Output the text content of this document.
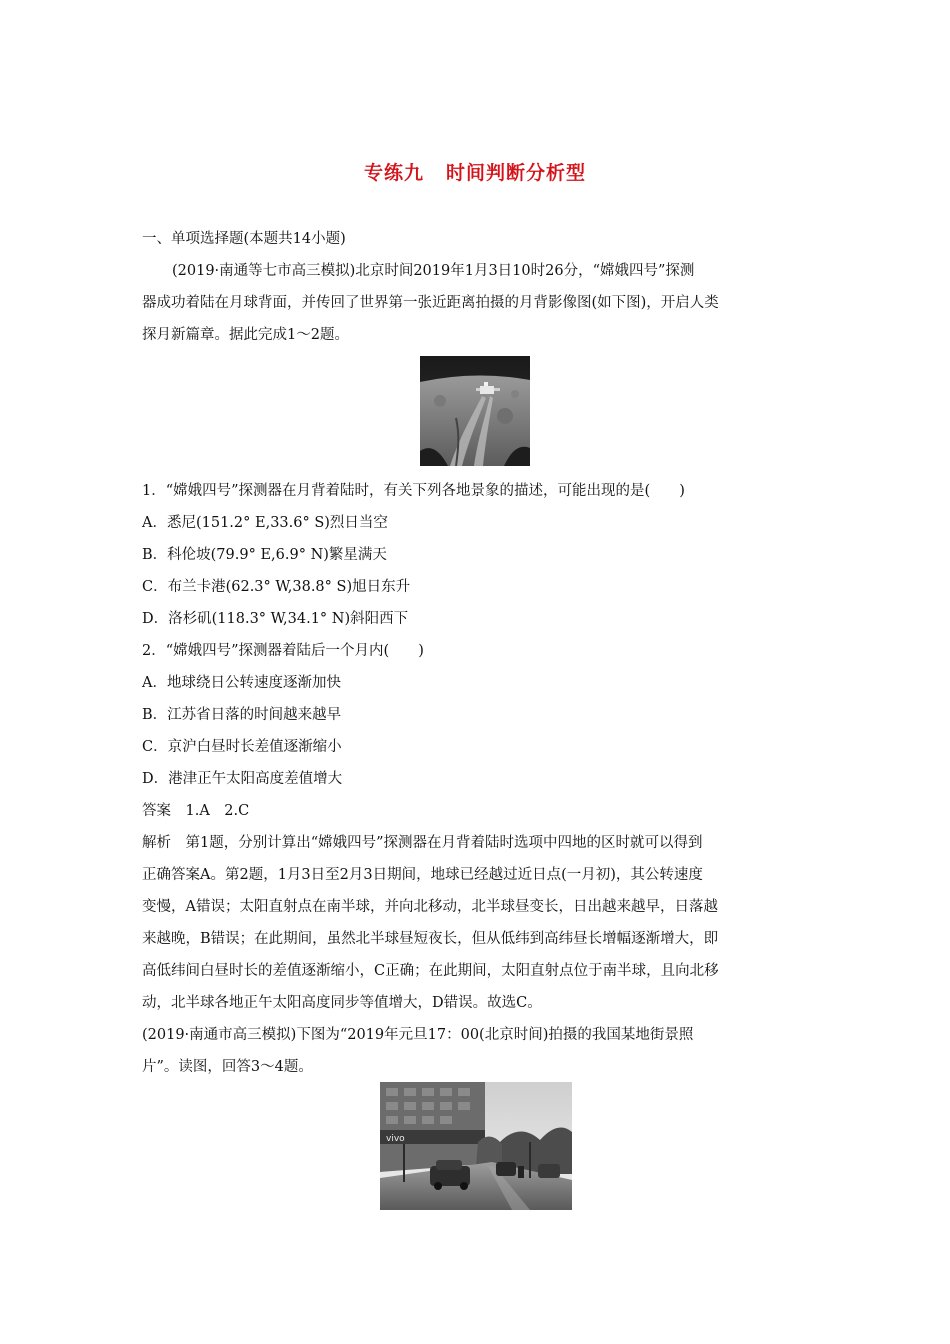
专练九 时间判断分析型
一、单项选择题(本题共14小题)
(2019·南通等七市高三模拟)北京时间2019年1月3日10时26分，“嫦娥四号”探测
器成功着陆在月球背面，并传回了世界第一张近距离拍摄的月背影像图(如下图)，开启人类
探月新篇章。据此完成1～2题。
1．“嫦娥四号”探测器在月背着陆时，有关下列各地景象的描述，可能出现的是(　　)
A．悉尼(151.2° E,33.6° S)烈日当空
B．科伦坡(79.9° E,6.9° N)繁星满天
C．布兰卡港(62.3° W,38.8° S)旭日东升
D．洛杉矶(118.3° W,34.1° N)斜阳西下
2．“嫦娥四号”探测器着陆后一个月内(　　)
A．地球绕日公转速度逐渐加快
B．江苏省日落的时间越来越早
C．京沪白昼时长差值逐渐缩小
D．港津正午太阳高度差值增大
答案　1.A　2.C
解析　第1题，分别计算出“嫦娥四号”探测器在月背着陆时选项中四地的区时就可以得到
正确答案A。第2题，1月3日至2月3日期间，地球已经越过近日点(一月初)，其公转速度
变慢，A错误；太阳直射点在南半球，并向北移动，北半球昼变长，日出越来越早，日落越
来越晚，B错误；在此期间，虽然北半球昼短夜长，但从低纬到高纬昼长增幅逐渐增大，即
高低纬间白昼时长的差值逐渐缩小，C正确；在此期间，太阳直射点位于南半球，且向北移
动，北半球各地正午太阳高度同步等值增大，D错误。故选C。
(2019·南通市高三模拟)下图为“2019年元旦17：00(北京时间)拍摄的我国某地街景照
片”。读图，回答3～4题。
vivo
